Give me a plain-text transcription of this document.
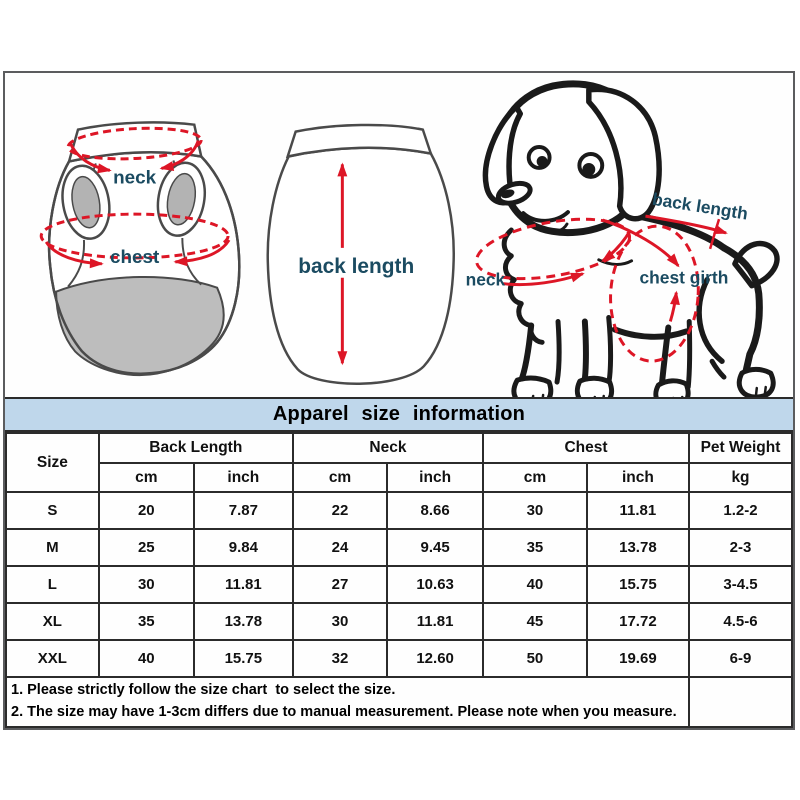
neck
chest	back length
neck
back length
chest girth
Apparel size information
Size	Back Length		Neck		Chest		Pet Weight
	cm	inch	cm	inch	cm	inch	kg
S	20	7.87	22	8.66	30	11.81	1.2-2
M	25	9.84	24	9.45	35	13.78	2-3
L	30	11.81	27	10.63	40	15.75	3-4.5
XL	35	13.78	30	11.81	45	17.72	4.5-6
XXL	40	15.75	32	12.60	50	19.69	6-9

1. Please strictly follow the size chart  to select the size.
2. The size may have 1-3cm differs due to manual measurement. Please note when you measure.							
